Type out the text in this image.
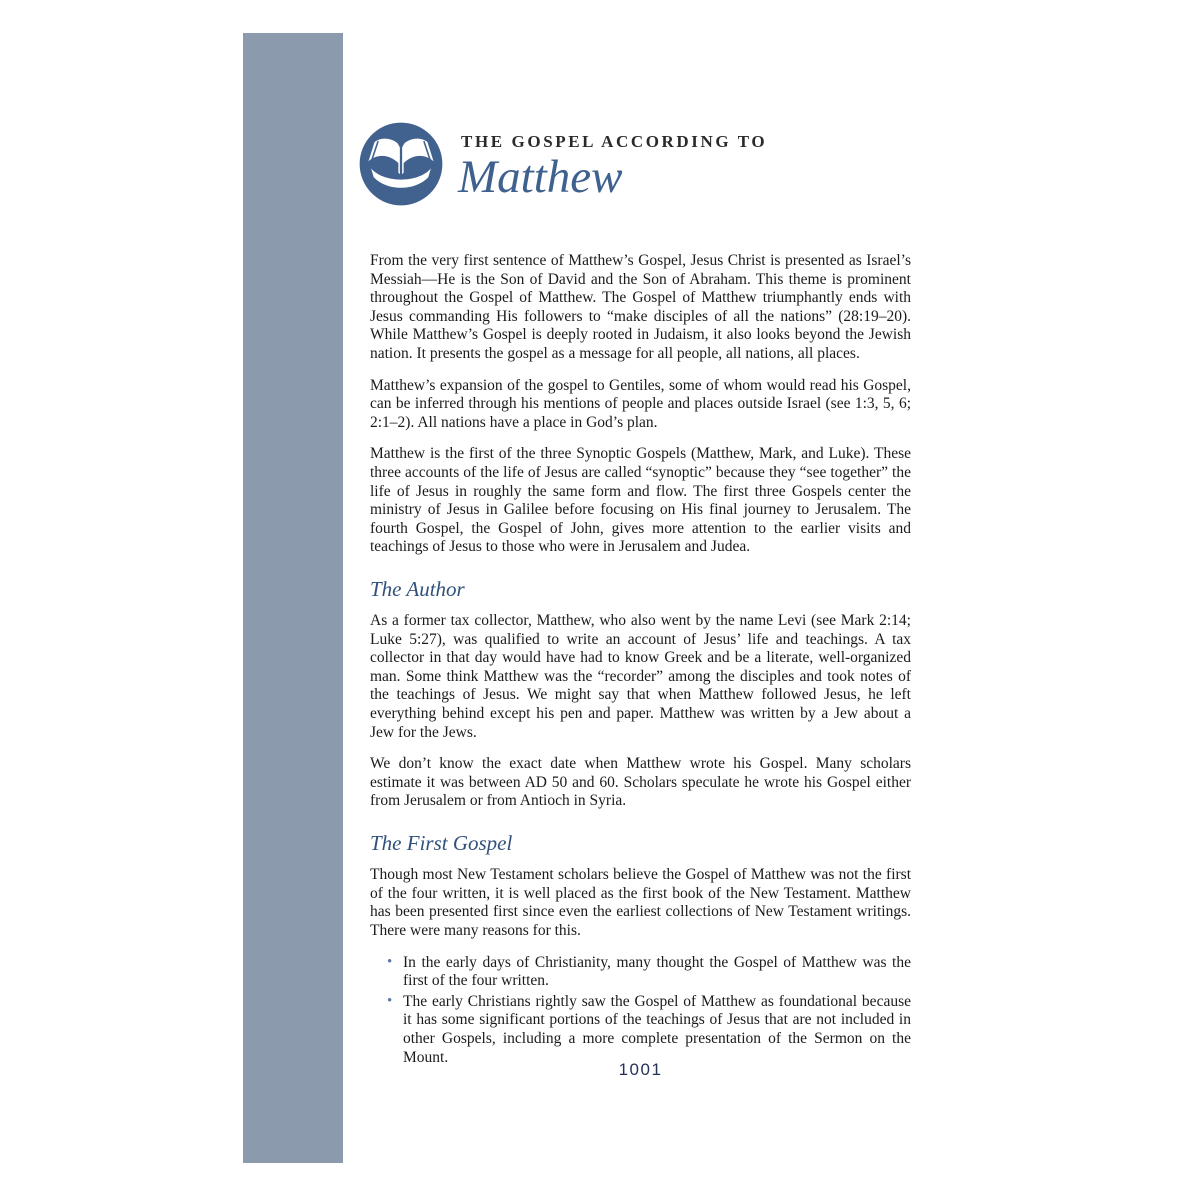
THE GOSPEL ACCORDING TO
Matthew

From the very first sentence of Matthew’s Gospel, Jesus Christ is presented as Israel’s Messiah—He is the Son of David and the Son of Abraham. This theme is prominent throughout the Gospel of Matthew. The Gospel of Matthew triumphantly ends with Jesus commanding His followers to “make disciples of all the nations” (28:19–20). While Matthew’s Gospel is deeply rooted in Judaism, it also looks beyond the Jewish nation. It presents the gospel as a message for all people, all nations, all places.

Matthew’s expansion of the gospel to Gentiles, some of whom would read his Gospel, can be inferred through his mentions of people and places outside Israel (see 1:3, 5, 6; 2:1–2). All nations have a place in God’s plan.

Matthew is the first of the three Synoptic Gospels (Matthew, Mark, and Luke). These three accounts of the life of Jesus are called “synoptic” because they “see together” the life of Jesus in roughly the same form and flow. The first three Gospels center the ministry of Jesus in Galilee before focusing on His final journey to Jerusalem. The fourth Gospel, the Gospel of John, gives more attention to the earlier visits and teachings of Jesus to those who were in Jerusalem and Judea.

The Author

As a former tax collector, Matthew, who also went by the name Levi (see Mark 2:14; Luke 5:27), was qualified to write an account of Jesus’ life and teachings. A tax collector in that day would have had to know Greek and be a literate, well-organized man. Some think Matthew was the “recorder” among the disciples and took notes of the teachings of Jesus. We might say that when Matthew followed Jesus, he left everything behind except his pen and paper. Matthew was written by a Jew about a Jew for the Jews.

We don’t know the exact date when Matthew wrote his Gospel. Many scholars estimate it was between AD 50 and 60. Scholars speculate he wrote his Gospel either from Jerusalem or from Antioch in Syria.

The First Gospel

Though most New Testament scholars believe the Gospel of Matthew was not the first of the four written, it is well placed as the first book of the New Testament. Matthew has been presented first since even the earliest collections of New Testament writings. There were many reasons for this.

• In the early days of Christianity, many thought the Gospel of Matthew was the first of the four written.
• The early Christians rightly saw the Gospel of Matthew as foundational because it has some significant portions of the teachings of Jesus that are not included in other Gospels, including a more complete presentation of the Sermon on the Mount.
1001
